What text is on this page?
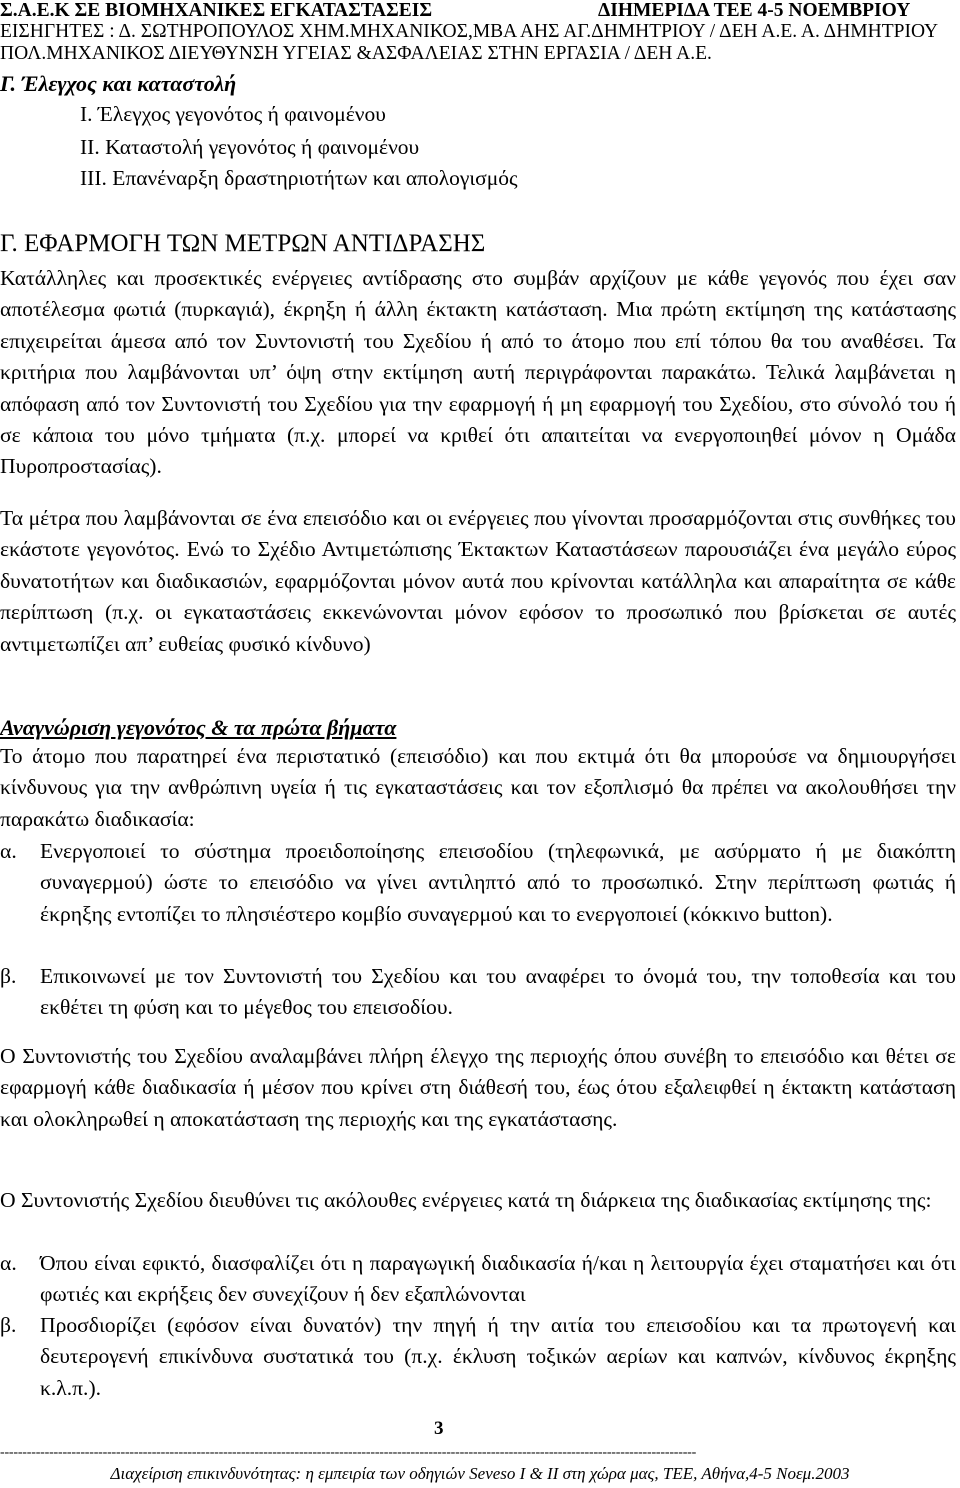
Σ.Α.Ε.Κ ΣΕ ΒΙΟΜΗΧΑΝΙΚΕΣ ΕΓΚΑΤΑΣΤΑΣΕΙΣ	ΔΙΗΜΕΡΙΔΑ ΤΕΕ 4-5 ΝΟΕΜΒΡΙΟΥ
ΕΙΣΗΓΗΤΕΣ : Δ. ΣΩΤΗΡΟΠΟΥΛΟΣ ΧΗΜ.ΜΗΧΑΝΙΚΟΣ,ΜΒΑ ΑΗΣ ΑΓ.ΔΗΜΗΤΡΙΟΥ / ΔΕΗ Α.Ε. Α. ΔΗΜΗΤΡΙΟΥ
ΠΟΛ.ΜΗΧΑΝΙΚΟΣ ΔΙΕΥΘΥΝΣΗ ΥΓΕΙΑΣ &ΑΣΦΑΛΕΙΑΣ ΣΤΗΝ ΕΡΓΑΣΙΑ / ΔΕΗ Α.Ε.
Γ. Έλεγχος και καταστολή
Ι. Έλεγχος γεγονότος ή φαινομένου
ΙΙ. Καταστολή γεγονότος ή φαινομένου
ΙΙΙ. Επανέναρξη δραστηριοτήτων και απολογισμός
Γ. ΕΦΑΡΜΟΓΗ ΤΩΝ ΜΕΤΡΩΝ ΑΝΤΙΔΡΑΣΗΣ

Κατάλληλες και προσεκτικές ενέργειες αντίδρασης στο συμβάν αρχίζουν με κάθε γεγονός που έχει σαν αποτέλεσμα φωτιά (πυρκαγιά), έκρηξη ή άλλη έκτακτη κατάσταση. Μια πρώτη εκτίμηση της κατάστασης επιχειρείται άμεσα από τον Συντονιστή του Σχεδίου ή από το άτομο που επί τόπου θα του αναθέσει. Τα κριτήρια που λαμβάνονται υπ’ όψη στην εκτίμηση αυτή περιγράφονται παρακάτω. Τελικά λαμβάνεται η απόφαση από τον Συντονιστή του Σχεδίου για την εφαρμογή ή μη εφαρμογή του Σχεδίου, στο σύνολό του ή σε κάποια του μόνο τμήματα (π.χ. μπορεί να κριθεί ότι απαιτείται να ενεργοποιηθεί μόνον η Ομάδα Πυροπροστασίας).

Τα μέτρα που λαμβάνονται σε ένα επεισόδιο και οι ενέργειες που γίνονται προσαρμόζονται στις συνθήκες του εκάστοτε γεγονότος. Ενώ το Σχέδιο Αντιμετώπισης Έκτακτων Καταστάσεων παρουσιάζει ένα μεγάλο εύρος δυνατοτήτων και διαδικασιών, εφαρμόζονται μόνον αυτά που κρίνονται κατάλληλα και απαραίτητα σε κάθε περίπτωση (π.χ. οι εγκαταστάσεις εκκενώνονται μόνον εφόσον το προσωπικό που βρίσκεται σε αυτές αντιμετωπίζει απ’ ευθείας φυσικό κίνδυνο)

Αναγνώριση γεγονότος & τα πρώτα βήματα

Το άτομο που παρατηρεί ένα περιστατικό (επεισόδιο) και που εκτιμά ότι θα μπορούσε να δημιουργήσει κίνδυνους για την ανθρώπινη υγεία ή τις εγκαταστάσεις και τον εξοπλισμό θα πρέπει να ακολουθήσει την παρακάτω διαδικασία:

α. Ενεργοποιεί το σύστημα προειδοποίησης επεισοδίου (τηλεφωνικά, με ασύρματο ή με διακόπτη συναγερμού) ώστε το επεισόδιο να γίνει αντιληπτό από το προσωπικό. Στην περίπτωση φωτιάς ή έκρηξης εντοπίζει το πλησιέστερο κομβίο συναγερμού και το ενεργοποιεί (κόκκινο button).
β. Επικοινωνεί με τον Συντονιστή του Σχεδίου και του αναφέρει το όνομά του, την τοποθεσία και του εκθέτει τη φύση και το μέγεθος του επεισοδίου.

Ο Συντονιστής του Σχεδίου αναλαμβάνει πλήρη έλεγχο της περιοχής όπου συνέβη το επεισόδιο και θέτει σε εφαρμογή κάθε διαδικασία ή μέσον που κρίνει στη διάθεσή του, έως ότου εξαλειφθεί η έκτακτη κατάσταση και ολοκληρωθεί η αποκατάσταση της περιοχής και της εγκατάστασης.

Ο Συντονιστής Σχεδίου διευθύνει τις ακόλουθες ενέργειες κατά τη διάρκεια της διαδικασίας εκτίμησης της:

α. Όπου είναι εφικτό, διασφαλίζει ότι η παραγωγική διαδικασία ή/και η λειτουργία έχει σταματήσει και ότι φωτιές και εκρήξεις δεν συνεχίζουν ή δεν εξαπλώνονται
β. Προσδιορίζει (εφόσον είναι δυνατόν) την πηγή ή την αιτία του επεισοδίου και τα πρωτογενή και δευτερογενή επικίνδυνα συστατικά του (π.χ. έκλυση τοξικών αερίων και καπνών, κίνδυνος έκρηξης κ.λ.π.).
3
------------------------------------------------------------------------------------------------------------------------------------------------------------
Διαχείριση επικινδυνότητας: η εμπειρία των οδηγιών Seveso I & II στη χώρα μας, ΤΕΕ, Αθήνα,4-5 Νοεμ.2003
